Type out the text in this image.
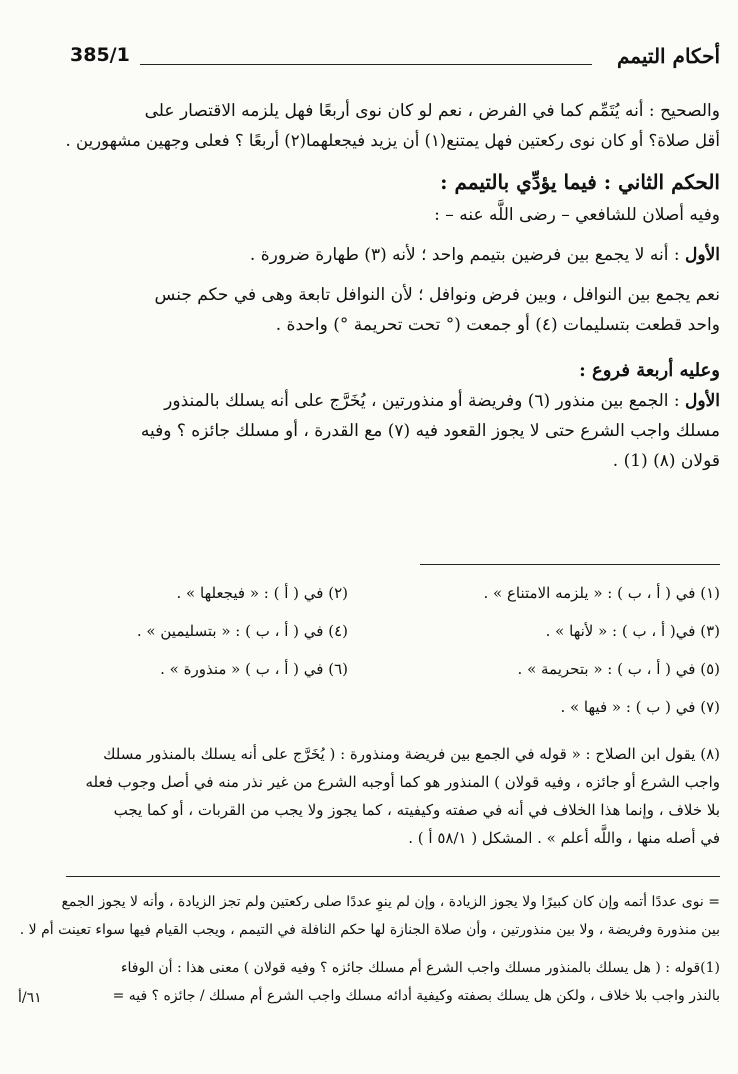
أحكام التيمم
385/1
والصحيح : أنه يُتَمِّم كما في الفرض ، نعم لو كان نوى أربعًا فهل يلزمه الاقتصار على
أقل صلاة؟ أو كان نوى ركعتين فهل يمتنع(١) أن يزيد فيجعلهما(٢) أربعًا ؟ فعلى وجهين مشهورين .
الحكم الثاني : فيما يؤدِّي بالتيمم :
وفيه أصلان للشافعي – رضى اللَّه عنه – :
الأول : أنه لا يجمع بين فرضين بتيمم واحد ؛ لأنه (٣) طهارة ضرورة .
نعم يجمع بين النوافل ، وبين فرض ونوافل ؛ لأن النوافل تابعة وهى في حكم جنس
واحد قطعت بتسليمات (٤) أو جمعت (° تحت تحريمة °) واحدة .
وعليه أربعة فروع :
الأول : الجمع بين منذور (٦) وفريضة أو منذورتين ، يُخَرَّج على أنه يسلك بالمنذور
مسلك واجب الشرع حتى لا يجوز القعود فيه (٧) مع القدرة ، أو مسلك جائزه ؟ وفيه
قولان (٨) (1) .
(١) في ( أ ، ب ) : « يلزمه الامتناع » .
(٢) في ( أ ) : « فيجعلها » .
(٣) في( أ ، ب ) : « لأنها » .
(٤) في ( أ ، ب ) : « بتسليمين » .
(٥) في ( أ ، ب ) : « بتحريمة » .
(٦) في ( أ ، ب ) « منذورة » .
(٧) في ( ب ) : « فيها » .
(٨) يقول ابن الصلاح : « قوله في الجمع بين فريضة ومنذورة : ( يُخَرَّج على أنه يسلك بالمنذور مسلك
واجب الشرع أو جائزه ، وفيه قولان ) المنذور هو كما أوجبه الشرع من غير نذر منه في أصل وجوب فعله
بلا خلاف ، وإنما هذا الخلاف في أنه في صفته وكيفيته ، كما يجوز ولا يجب من القربات ، أو كما يجب
في أصله منها ، واللَّه أعلم » . المشكل ( ٥٨/١ أ ) .
= نوى عددًا أتمه وإن كان كبيرًا ولا يجوز الزيادة ، وإن لم ينوِ عددًا صلى ركعتين ولم تجز الزيادة ، وأنه لا يجوز الجمع
بين منذورة وفريضة ، ولا بين منذورتين ، وأن صلاة الجنازة لها حكم النافلة في التيمم ، ويجب القيام فيها سواء تعينت أم لا .
(1)قوله : ( هل يسلك بالمنذور مسلك واجب الشرع أم مسلك جائزه ؟ وفيه قولان ) معنى هذا : أن الوفاء
بالنذر واجب بلا خلاف ، ولكن هل يسلك بصفته وكيفية أدائه مسلك واجب الشرع أم مسلك / جائزه ؟ فيه =
٦١/أ
